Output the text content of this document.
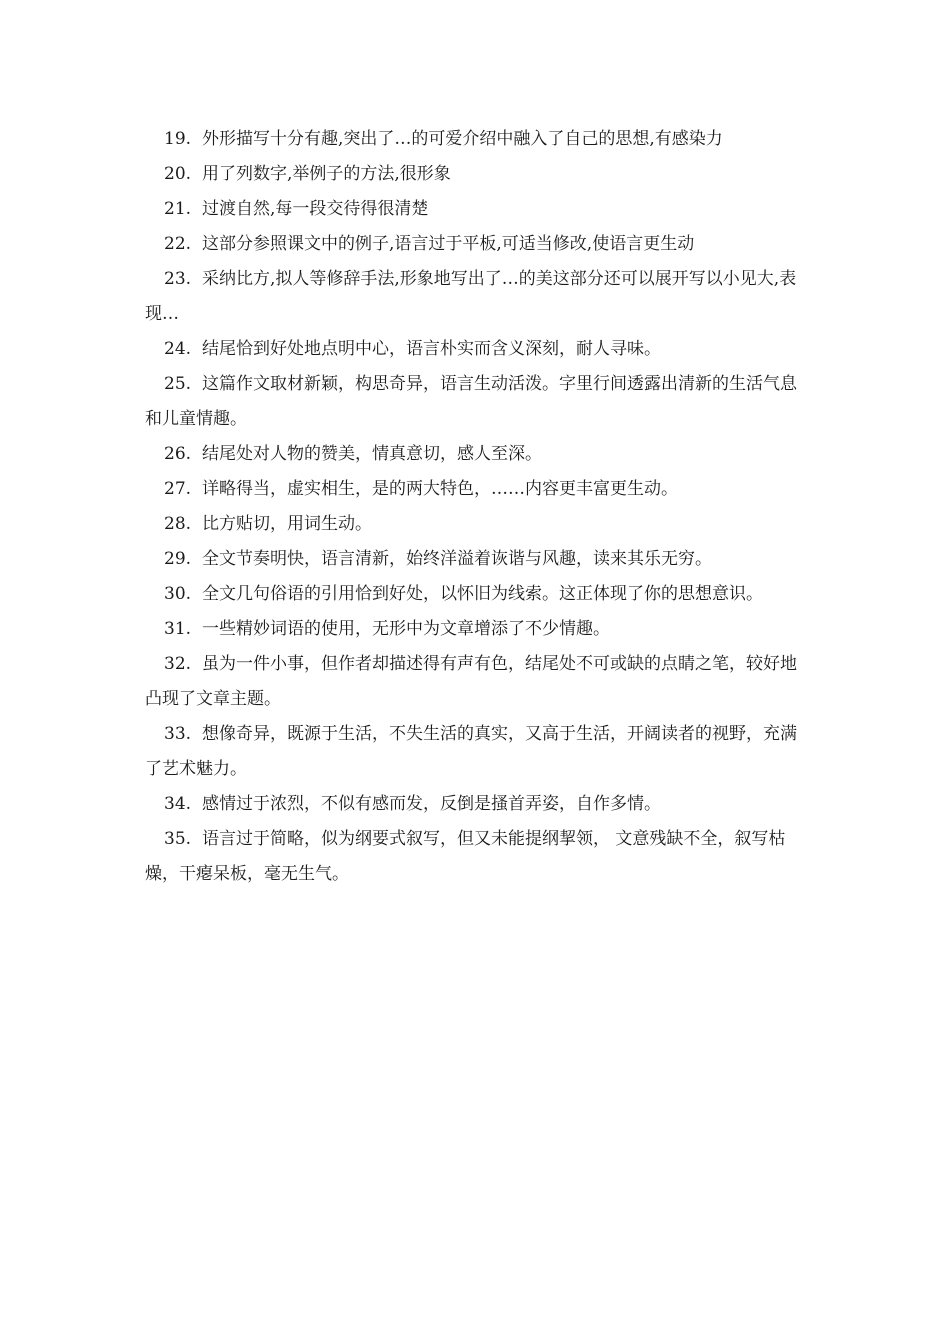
19. 外形描写十分有趣,突出了…的可爱介绍中融入了自己的思想,有感染力

20. 用了列数字,举例子的方法,很形象

21. 过渡自然,每一段交待得很清楚

22. 这部分参照课文中的例子,语言过于平板,可适当修改,使语言更生动

23. 采纳比方,拟人等修辞手法,形象地写出了…的美这部分还可以展开写以小见大,表现…

24. 结尾恰到好处地点明中心，语言朴实而含义深刻，耐人寻味。

25. 这篇作文取材新颖，构思奇异，语言生动活泼。字里行间透露出清新的生活气息和儿童情趣。

26. 结尾处对人物的赞美，情真意切，感人至深。

27. 详略得当，虚实相生，是的两大特色，……内容更丰富更生动。

28. 比方贴切，用词生动。

29. 全文节奏明快，语言清新，始终洋溢着诙谐与风趣，读来其乐无穷。

30. 全文几句俗语的引用恰到好处，以怀旧为线索。这正体现了你的思想意识。

31. 一些精妙词语的使用，无形中为文章增添了不少情趣。

32. 虽为一件小事，但作者却描述得有声有色，结尾处不可或缺的点睛之笔，较好地凸现了文章主题。

33. 想像奇异，既源于生活，不失生活的真实，又高于生活，开阔读者的视野，充满了艺术魅力。

34. 感情过于浓烈，不似有感而发，反倒是搔首弄姿，自作多情。

35. 语言过于简略，似为纲要式叙写，但又未能提纲挈领， 文意残缺不全，叙写枯燥，干瘪呆板，毫无生气。
